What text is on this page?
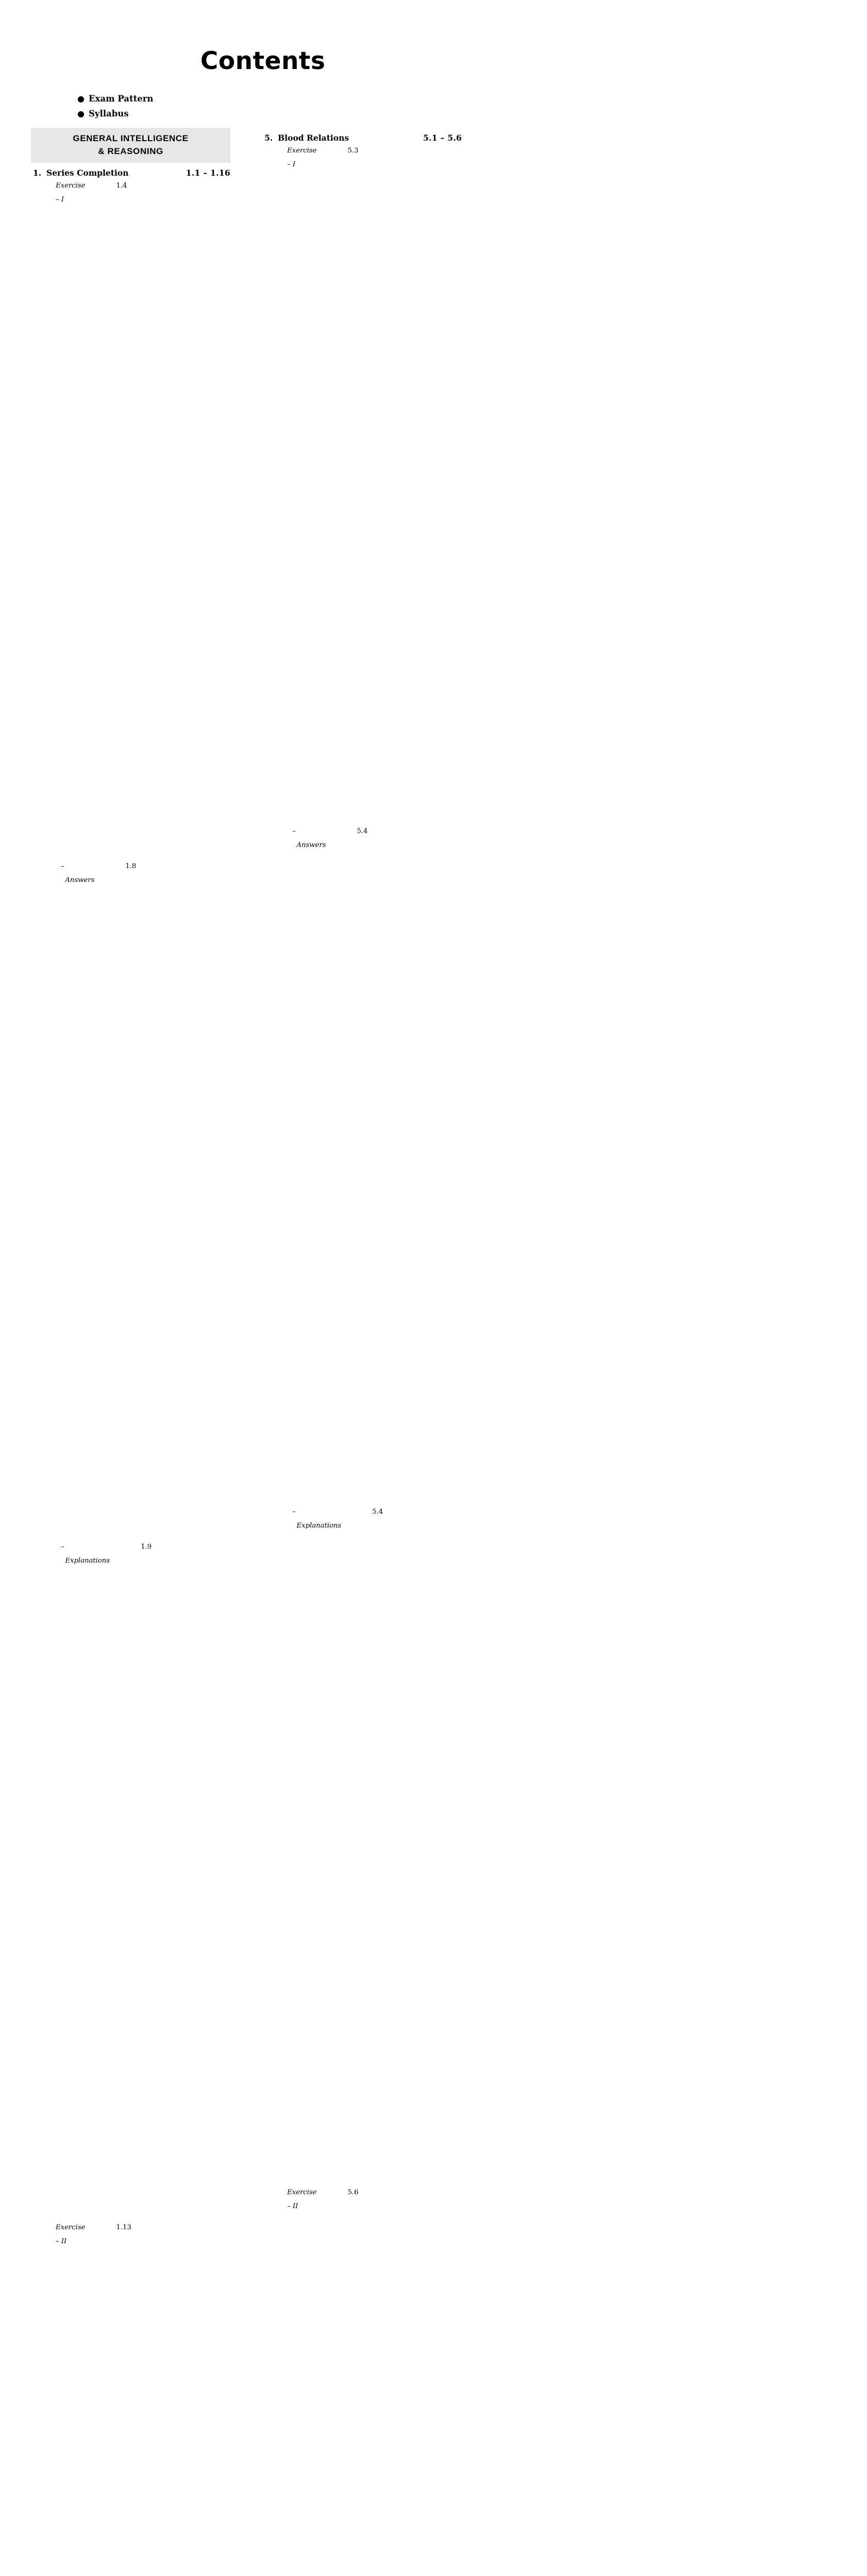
Contents
● Exam Pattern
● Syllabus
GENERAL INTELLIGENCE
& REASONING
1. Series Completion	1.1 – 1.16
Exercise – I
1.4
–  Answers
1.8
–  Explanations
1.9
Exercise – II
1.13
5. Blood Relations	5.1 – 5.6
Exercise – I
5.3
–  Answers
5.4
–  Explanations
5.4
Exercise – II
5.6
